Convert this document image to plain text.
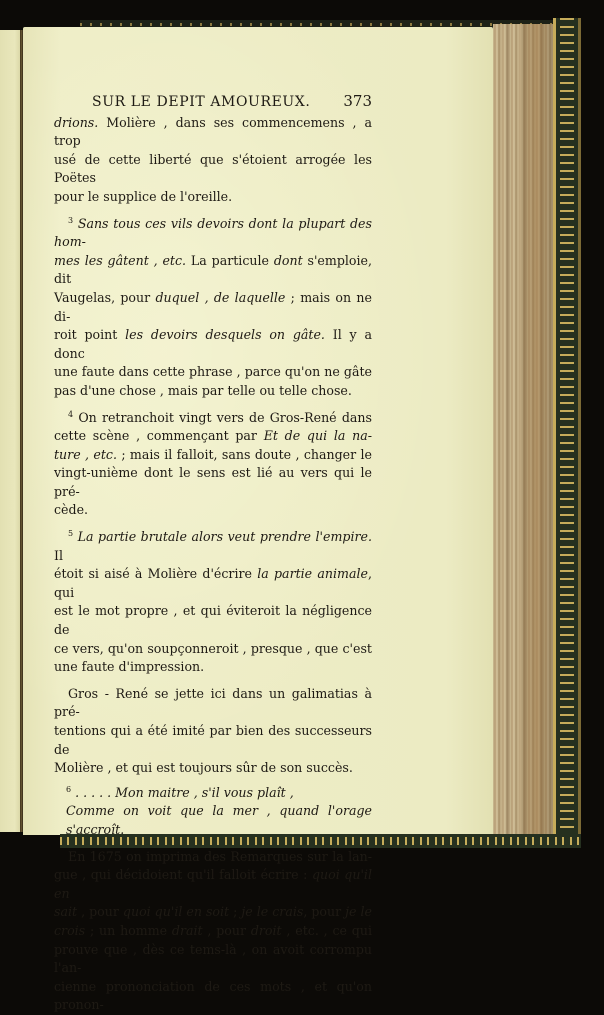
SUR LE DEPIT AMOUREUX. 373
drions. Molière , dans ses commencemens , a trop
usé de cette liberté que s'étoient arrogée les Poëtes
pour le supplice de l'oreille.
$^3$ Sans tous ces vils devoirs dont la plupart des hom-
mes les gâtent , etc. La particule dont s'emploie, dit
Vaugelas, pour duquel , de laquelle ; mais on ne di-
roit point les devoirs desquels on gâte. Il y a donc
une faute dans cette phrase , parce qu'on ne gâte
pas d'une chose , mais par telle ou telle chose.
$^4$ On retranchoit vingt vers de Gros-René dans
cette scène , commençant par Et de qui la na-
ture , etc. ; mais il falloit, sans doute , changer le
vingt-unième dont le sens est lié au vers qui le pré-
cède.
$^5$ La partie brutale alors veut prendre l'empire. Il
étoit si aisé à Molière d'écrire la partie animale, qui
est le mot propre , et qui éviteroit la négligence de
ce vers, qu'on soupçonneroit , presque , que c'est
une faute d'impression.
Gros - René se jette ici dans un galimatias à pré-
tentions qui a été imité par bien des successeurs de
Molière , et qui est toujours sûr de son succès.
$^6$ . . . . . Mon maitre , s'il vous plaît ,
Comme on voit que la mer , quand l'orage s'accroît.
En 1675 on imprima des Remarques sur la lan-
gue , qui décidoient qu'il falloit écrire : quoi qu'il en
sait , pour quoi qu'il en soit ; je le crais, pour je le
crois ; un homme drait , pour droit , etc. , ce qui
prouve que , dès ce tems-là , on avoit corrompu l'an-
cienne prononciation de ces mots , et qu'on pronon-
